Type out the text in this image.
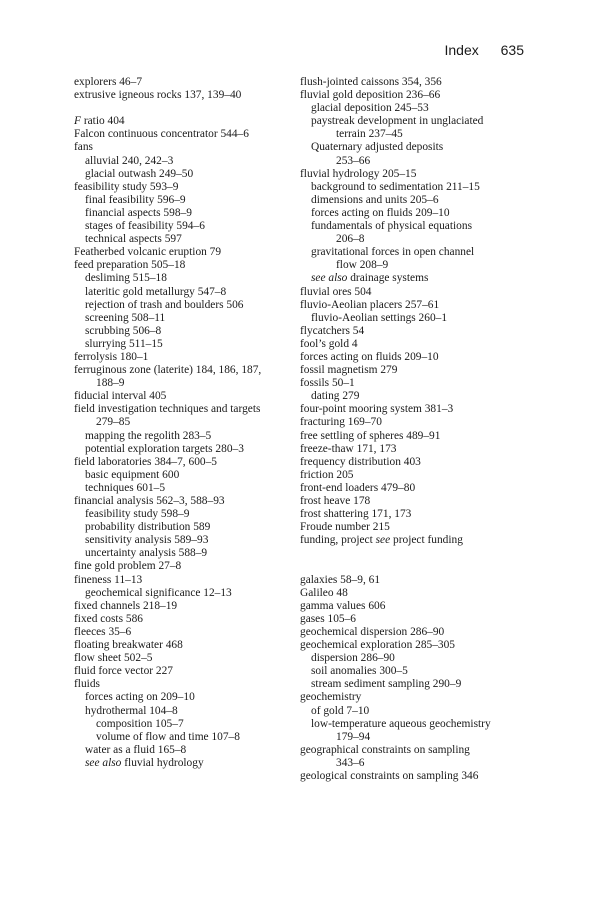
Index 635
explorers 46–7
extrusive igneous rocks 137, 139–40
F ratio 404
Falcon continuous concentrator 544–6
fans
alluvial 240, 242–3
glacial outwash 249–50
feasibility study 593–9
final feasibility 596–9
financial aspects 598–9
stages of feasibility 594–6
technical aspects 597
Featherbed volcanic eruption 79
feed preparation 505–18
desliming 515–18
lateritic gold metallurgy 547–8
rejection of trash and boulders 506
screening 508–11
scrubbing 506–8
slurrying 511–15
ferrolysis 180–1
ferruginous zone (laterite) 184, 186, 187,
188–9
fiducial interval 405
field investigation techniques and targets
279–85
mapping the regolith 283–5
potential exploration targets 280–3
field laboratories 384–7, 600–5
basic equipment 600
techniques 601–5
financial analysis 562–3, 588–93
feasibility study 598–9
probability distribution 589
sensitivity analysis 589–93
uncertainty analysis 588–9
fine gold problem 27–8
fineness 11–13
geochemical significance 12–13
fixed channels 218–19
fixed costs 586
fleeces 35–6
floating breakwater 468
flow sheet 502–5
fluid force vector 227
fluids
forces acting on 209–10
hydrothermal 104–8
composition 105–7
volume of flow and time 107–8
water as a fluid 165–8
see also fluvial hydrology
flush-jointed caissons 354, 356
fluvial gold deposition 236–66
glacial deposition 245–53
paystreak development in unglaciated
terrain 237–45
Quaternary adjusted deposits
253–66
fluvial hydrology 205–15
background to sedimentation 211–15
dimensions and units 205–6
forces acting on fluids 209–10
fundamentals of physical equations
206–8
gravitational forces in open channel
flow 208–9
see also drainage systems
fluvial ores 504
fluvio-Aeolian placers 257–61
fluvio-Aeolian settings 260–1
flycatchers 54
fool’s gold 4
forces acting on fluids 209–10
fossil magnetism 279
fossils 50–1
dating 279
four-point mooring system 381–3
fracturing 169–70
free settling of spheres 489–91
freeze-thaw 171, 173
frequency distribution 403
friction 205
front-end loaders 479–80
frost heave 178
frost shattering 171, 173
Froude number 215
funding, project see project funding
galaxies 58–9, 61
Galileo 48
gamma values 606
gases 105–6
geochemical dispersion 286–90
geochemical exploration 285–305
dispersion 286–90
soil anomalies 300–5
stream sediment sampling 290–9
geochemistry
of gold 7–10
low-temperature aqueous geochemistry
179–94
geographical constraints on sampling
343–6
geological constraints on sampling 346
